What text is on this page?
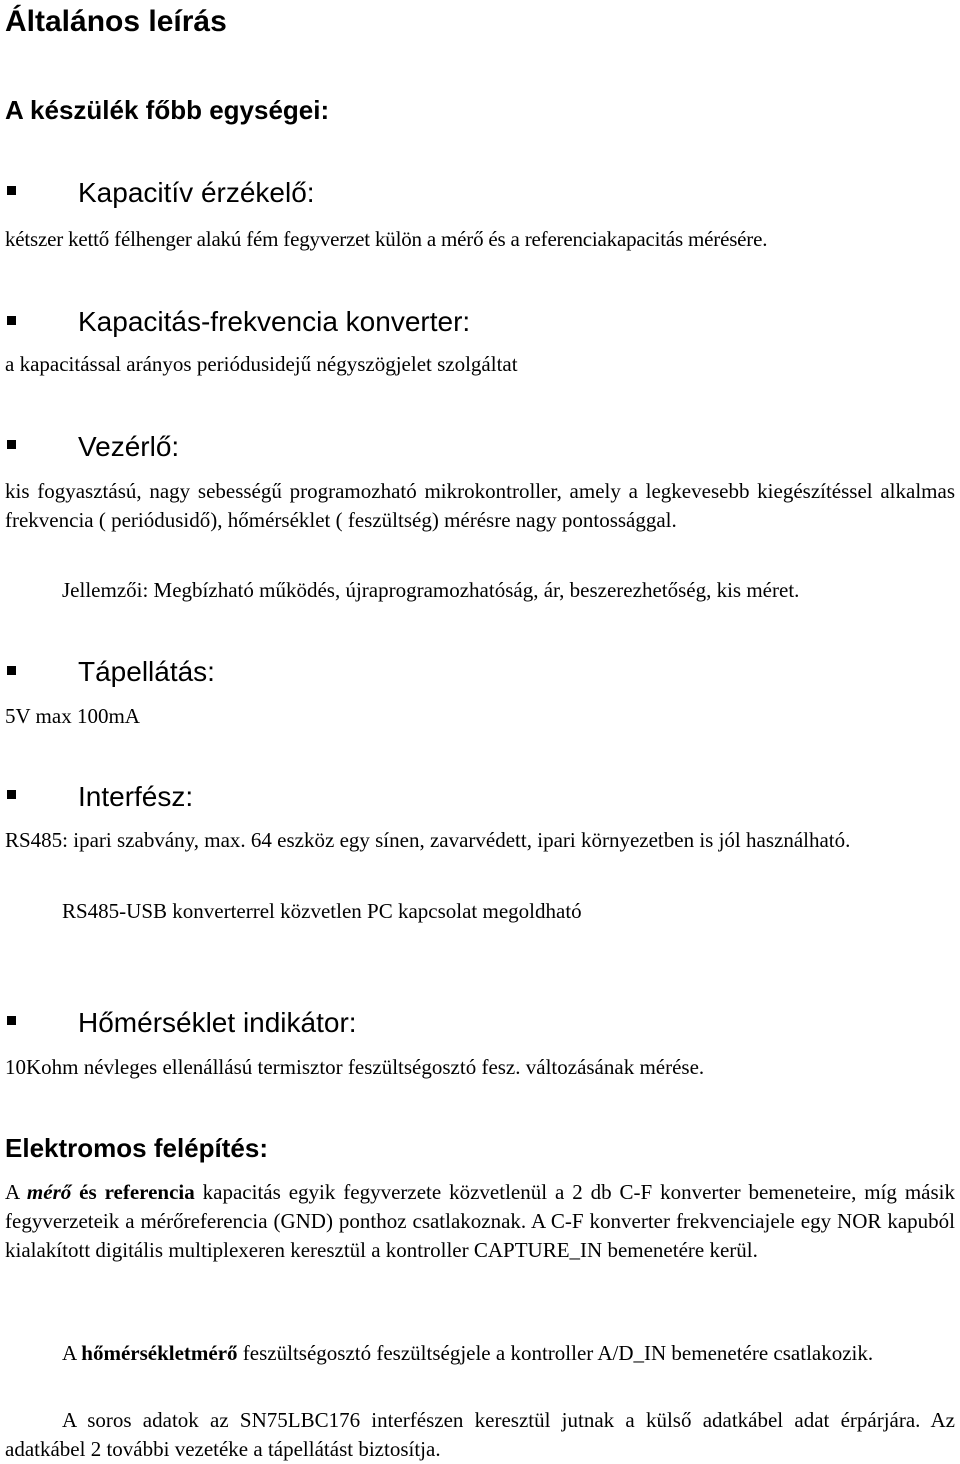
Általános leírás
A készülék főbb egységei:
Kapacitív érzékelő:

kétszer kettő félhenger alakú fém fegyverzet külön a mérő és a referenciakapacitás mérésére.

Kapacitás-frekvencia konverter:

a kapacitással arányos periódusidejű négyszögjelet szolgáltat

Vezérlő:

kis fogyasztású, nagy sebességű programozható mikrokontroller, amely a legkevesebb kiegészítéssel alkalmas frekvencia ( periódusidő), hőmérséklet ( feszültség) mérésre nagy pontossággal.

Jellemzői: Megbízható működés, újraprogramozhatóság, ár, beszerezhetőség, kis méret.

Tápellátás:

5V max 100mA

Interfész:

RS485: ipari szabvány, max. 64 eszköz egy sínen, zavarvédett, ipari környezetben is jól használható.

RS485-USB konverterrel közvetlen PC kapcsolat megoldható

Hőmérséklet indikátor:

10Kohm névleges ellenállású termisztor feszültségosztó fesz. változásának mérése.

Elektromos felépítés:

A mérő és referencia kapacitás egyik fegyverzete közvetlenül a 2 db C-F konverter bemeneteire, míg másik fegyverzeteik a mérőreferencia (GND) ponthoz csatlakoznak. A C-F konverter frekvenciajele egy NOR kapuból kialakított digitális multiplexeren keresztül a kontroller CAPTURE_IN bemenetére kerül.

A hőmérsékletmérő feszültségosztó feszültségjele a kontroller A/D_IN bemenetére csatlakozik.

A soros adatok az SN75LBC176 interfészen keresztül jutnak a külső adatkábel adat érpárjára. Az adatkábel 2 további vezetéke a tápellátást biztosítja.
